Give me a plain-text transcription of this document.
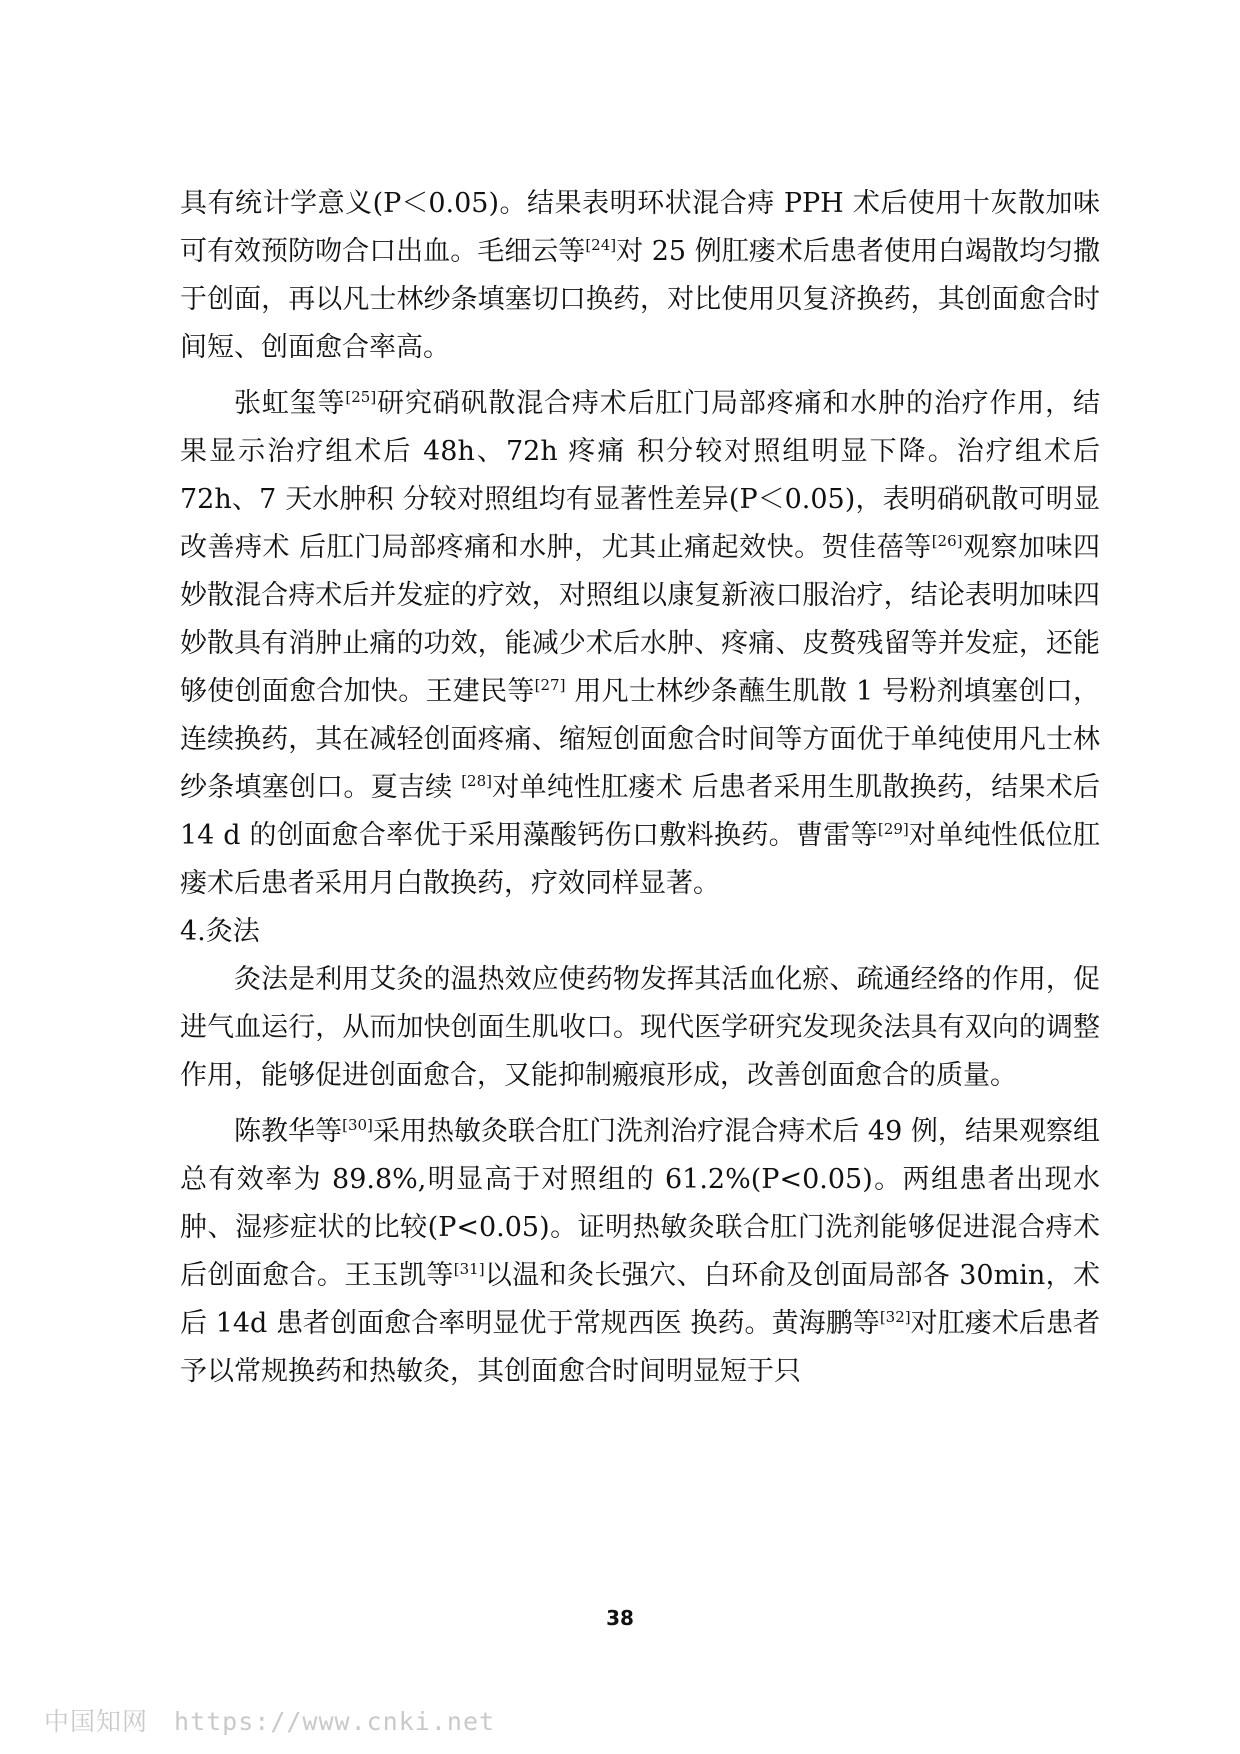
具有统计学意义(P＜0.05)。结果表明环状混合痔 PPH 术后使用十灰散加味可有效预防吻合口出血。毛细云等[24]对 25 例肛瘘术后患者使用白竭散均匀撒于创面，再以凡士林纱条填塞切口换药，对比使用贝复济换药，其创面愈合时间短、创面愈合率高。

张虹玺等[25]研究硝矾散混合痔术后肛门局部疼痛和水肿的治疗作用，结果显示治疗组术后 48h、72h 疼痛 积分较对照组明显下降。治疗组术后 72h、7 天水肿积 分较对照组均有显著性差异(P＜0.05)，表明硝矾散可明显改善痔术 后肛门局部疼痛和水肿，尤其止痛起效快。贺佳蓓等[26]观察加味四妙散混合痔术后并发症的疗效，对照组以康复新液口服治疗，结论表明加味四妙散具有消肿止痛的功效，能减少术后水肿、疼痛、皮赘残留等并发症，还能够使创面愈合加快。王建民等[27] 用凡士林纱条蘸生肌散 1 号粉剂填塞创口，连续换药，其在减轻创面疼痛、缩短创面愈合时间等方面优于单纯使用凡士林纱条填塞创口。夏吉续 [28]对单纯性肛瘘术 后患者采用生肌散换药，结果术后 14 d 的创面愈合率优于采用藻酸钙伤口敷料换药。曹雷等[29]对单纯性低位肛瘘术后患者采用月白散换药，疗效同样显著。

4.灸法

灸法是利用艾灸的温热效应使药物发挥其活血化瘀、疏通经络的作用，促进气血运行，从而加快创面生肌收口。现代医学研究发现灸法具有双向的调整作用，能够促进创面愈合，又能抑制瘢痕形成，改善创面愈合的质量。

陈教华等[30]采用热敏灸联合肛门洗剂治疗混合痔术后 49 例，结果观察组总有效率为 89.8%,明显高于对照组的 61.2%(P<0.05)。两组患者出现水肿、湿疹症状的比较(P<0.05)。证明热敏灸联合肛门洗剂能够促进混合痔术后创面愈合。王玉凯等[31]以温和灸长强穴、白环俞及创面局部各 30min，术后 14d 患者创面愈合率明显优于常规西医 换药。黄海鹏等[32]对肛瘘术后患者予以常规换药和热敏灸，其创面愈合时间明显短于只

38
中国知网 https://www.cnki.net
